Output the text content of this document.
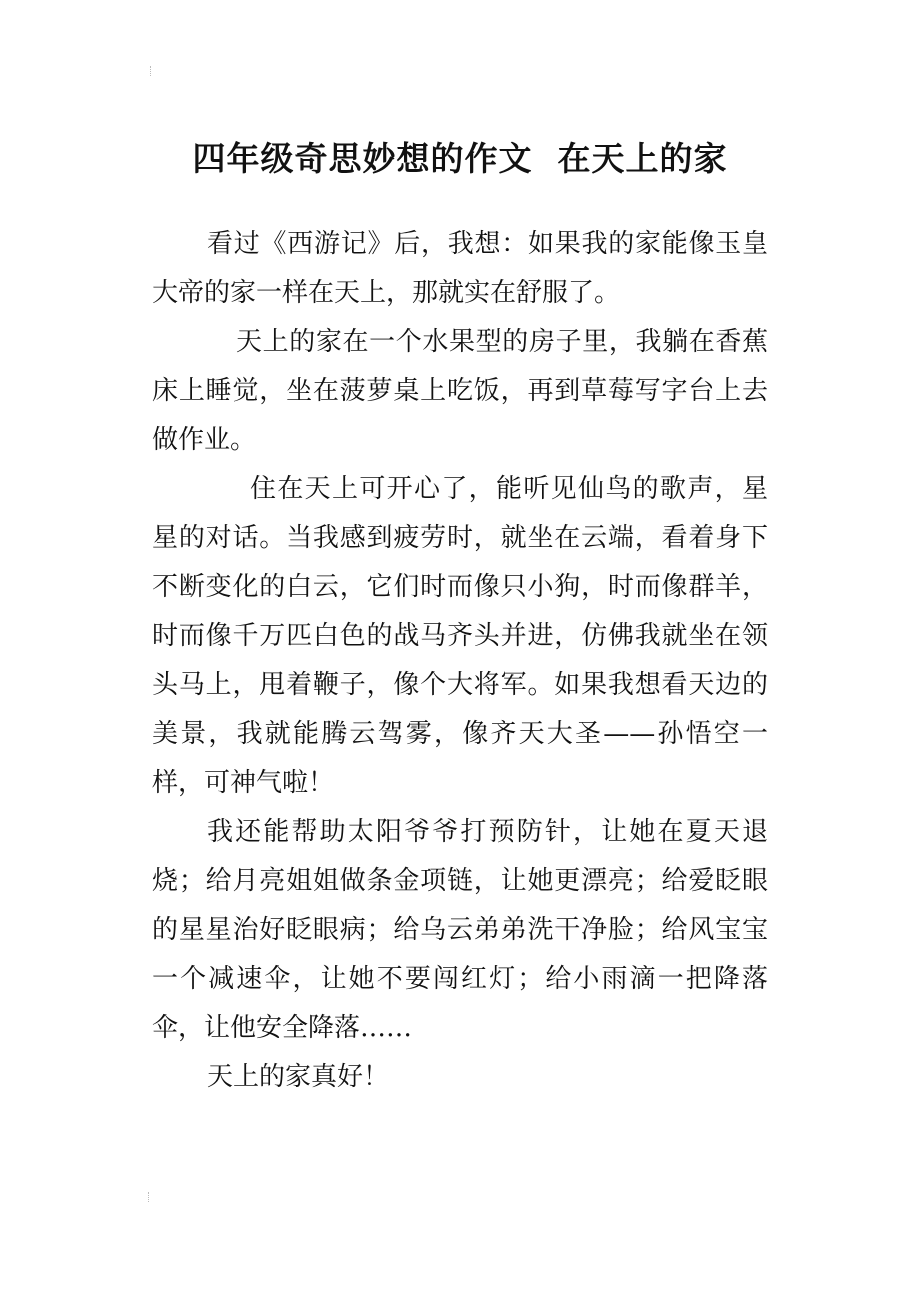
四年级奇思妙想的作文  在天上的家

看过《西游记》后，我想：如果我的家能像玉皇大帝的家一样在天上，那就实在舒服了。

天上的家在一个水果型的房子里，我躺在香蕉床上睡觉，坐在菠萝桌上吃饭，再到草莓写字台上去做作业。

住在天上可开心了，能听见仙鸟的歌声，星星的对话。当我感到疲劳时，就坐在云端，看着身下不断变化的白云，它们时而像只小狗，时而像群羊，时而像千万匹白色的战马齐头并进，仿佛我就坐在领头马上，甩着鞭子，像个大将军。如果我想看天边的美景，我就能腾云驾雾，像齐天大圣——孙悟空一样，可神气啦！

我还能帮助太阳爷爷打预防针，让她在夏天退烧；给月亮姐姐做条金项链，让她更漂亮；给爱眨眼的星星治好眨眼病；给乌云弟弟洗干净脸；给风宝宝一个减速伞，让她不要闯红灯；给小雨滴一把降落伞，让他安全降落……

天上的家真好！
